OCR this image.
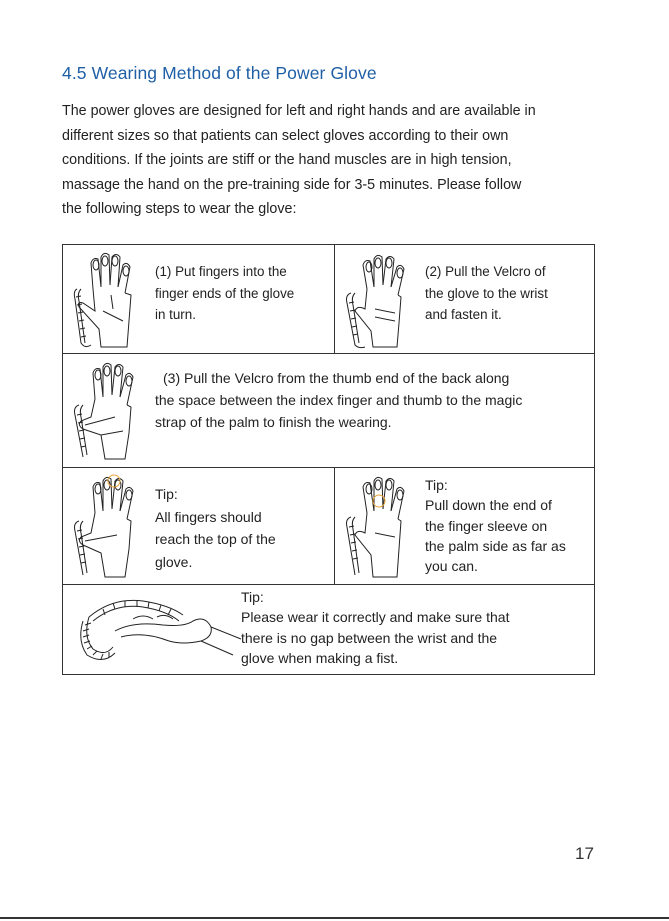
4.5 Wearing Method of the Power Glove

The power gloves are designed for left and right hands and are available in

different sizes so that patients can select gloves according to their own

conditions. If the joints are stiff or the hand muscles are in high tension,

massage the hand on the pre-training side for 3-5 minutes. Please follow

the following steps to wear the glove:

(1) Put fingers into the
finger ends of the glove
in turn.
(2) Pull the Velcro of
the glove to the wrist
and fasten it.
(3) Pull the Velcro from the thumb end of the back along
the space between the index finger and thumb to the magic
strap of the palm to finish the wearing.
Tip:
All fingers should
reach the top of the
glove.
Tip:
Pull down the end of
the finger sleeve on
the palm side as far as
you can.
Tip:
Please wear it correctly and make sure that
there is no gap between the wrist and the
glove when making a fist.
17
